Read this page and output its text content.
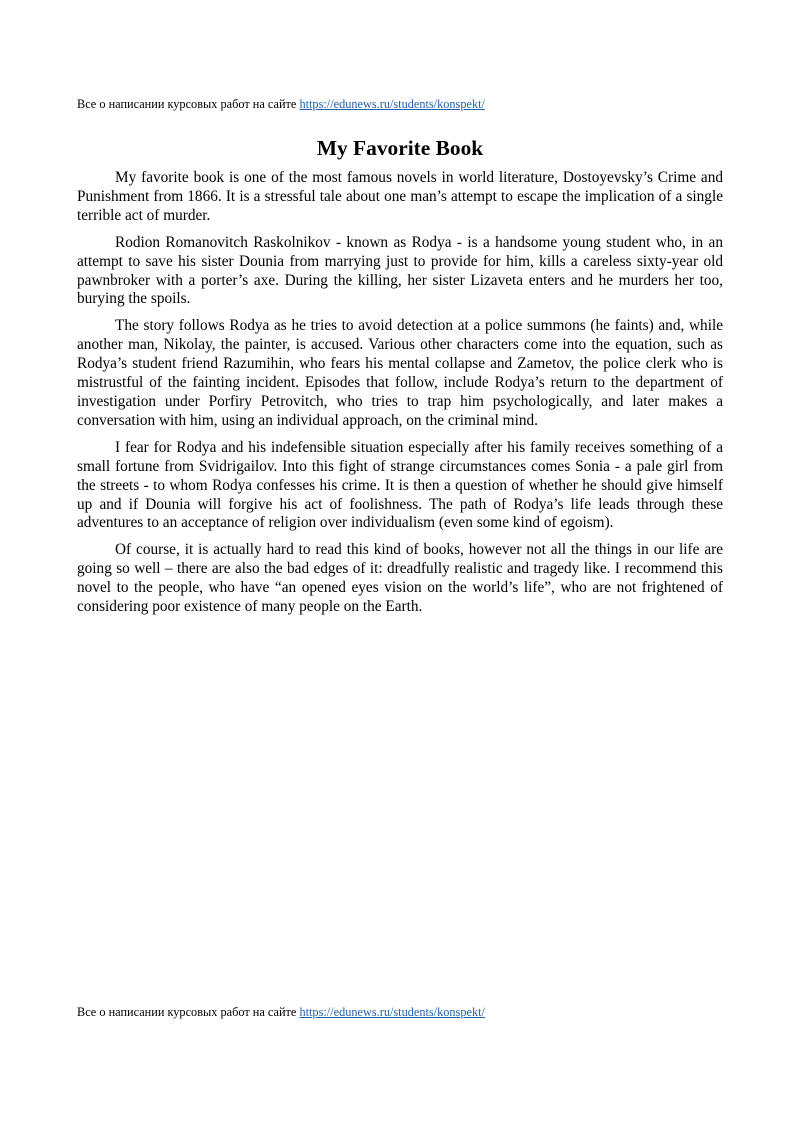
Все о написании курсовых работ на сайте https://edunews.ru/students/konspekt/
My Favorite Book

My favorite book is one of the most famous novels in world literature, Dostoyevsky’s Crime and Punishment from 1866. It is a stressful tale about one man’s attempt to escape the implication of a single terrible act of murder.

Rodion Romanovitch Raskolnikov - known as Rodya - is a handsome young student who, in an attempt to save his sister Dounia from marrying just to provide for him, kills a careless sixty-year old pawnbroker with a porter’s axe. During the killing, her sister Lizaveta enters and he murders her too, burying the spoils.

The story follows Rodya as he tries to avoid detection at a police summons (he faints) and, while another man, Nikolay, the painter, is accused. Various other characters come into the equation, such as Rodya’s student friend Razumihin, who fears his mental collapse and Zametov, the police clerk who is mistrustful of the fainting incident. Episodes that follow, include Rodya’s return to the department of investigation under Porfiry Petrovitch, who tries to trap him psychologically, and later makes a conversation with him, using an individual approach, on the criminal mind.

I fear for Rodya and his indefensible situation especially after his family receives something of a small fortune from Svidrigailov. Into this fight of strange circumstances comes Sonia - a pale girl from the streets - to whom Rodya confesses his crime. It is then a question of whether he should give himself up and if Dounia will forgive his act of foolishness. The path of Rodya’s life leads through these adventures to an acceptance of religion over individualism (even some kind of egoism).

Of course, it is actually hard to read this kind of books, however not all the things in our life are going so well – there are also the bad edges of it: dreadfully realistic and tragedy like. I recommend this novel to the people, who have “an opened eyes vision on the world’s life”, who are not frightened of considering poor existence of many people on the Earth.

Все о написании курсовых работ на сайте https://edunews.ru/students/konspekt/
